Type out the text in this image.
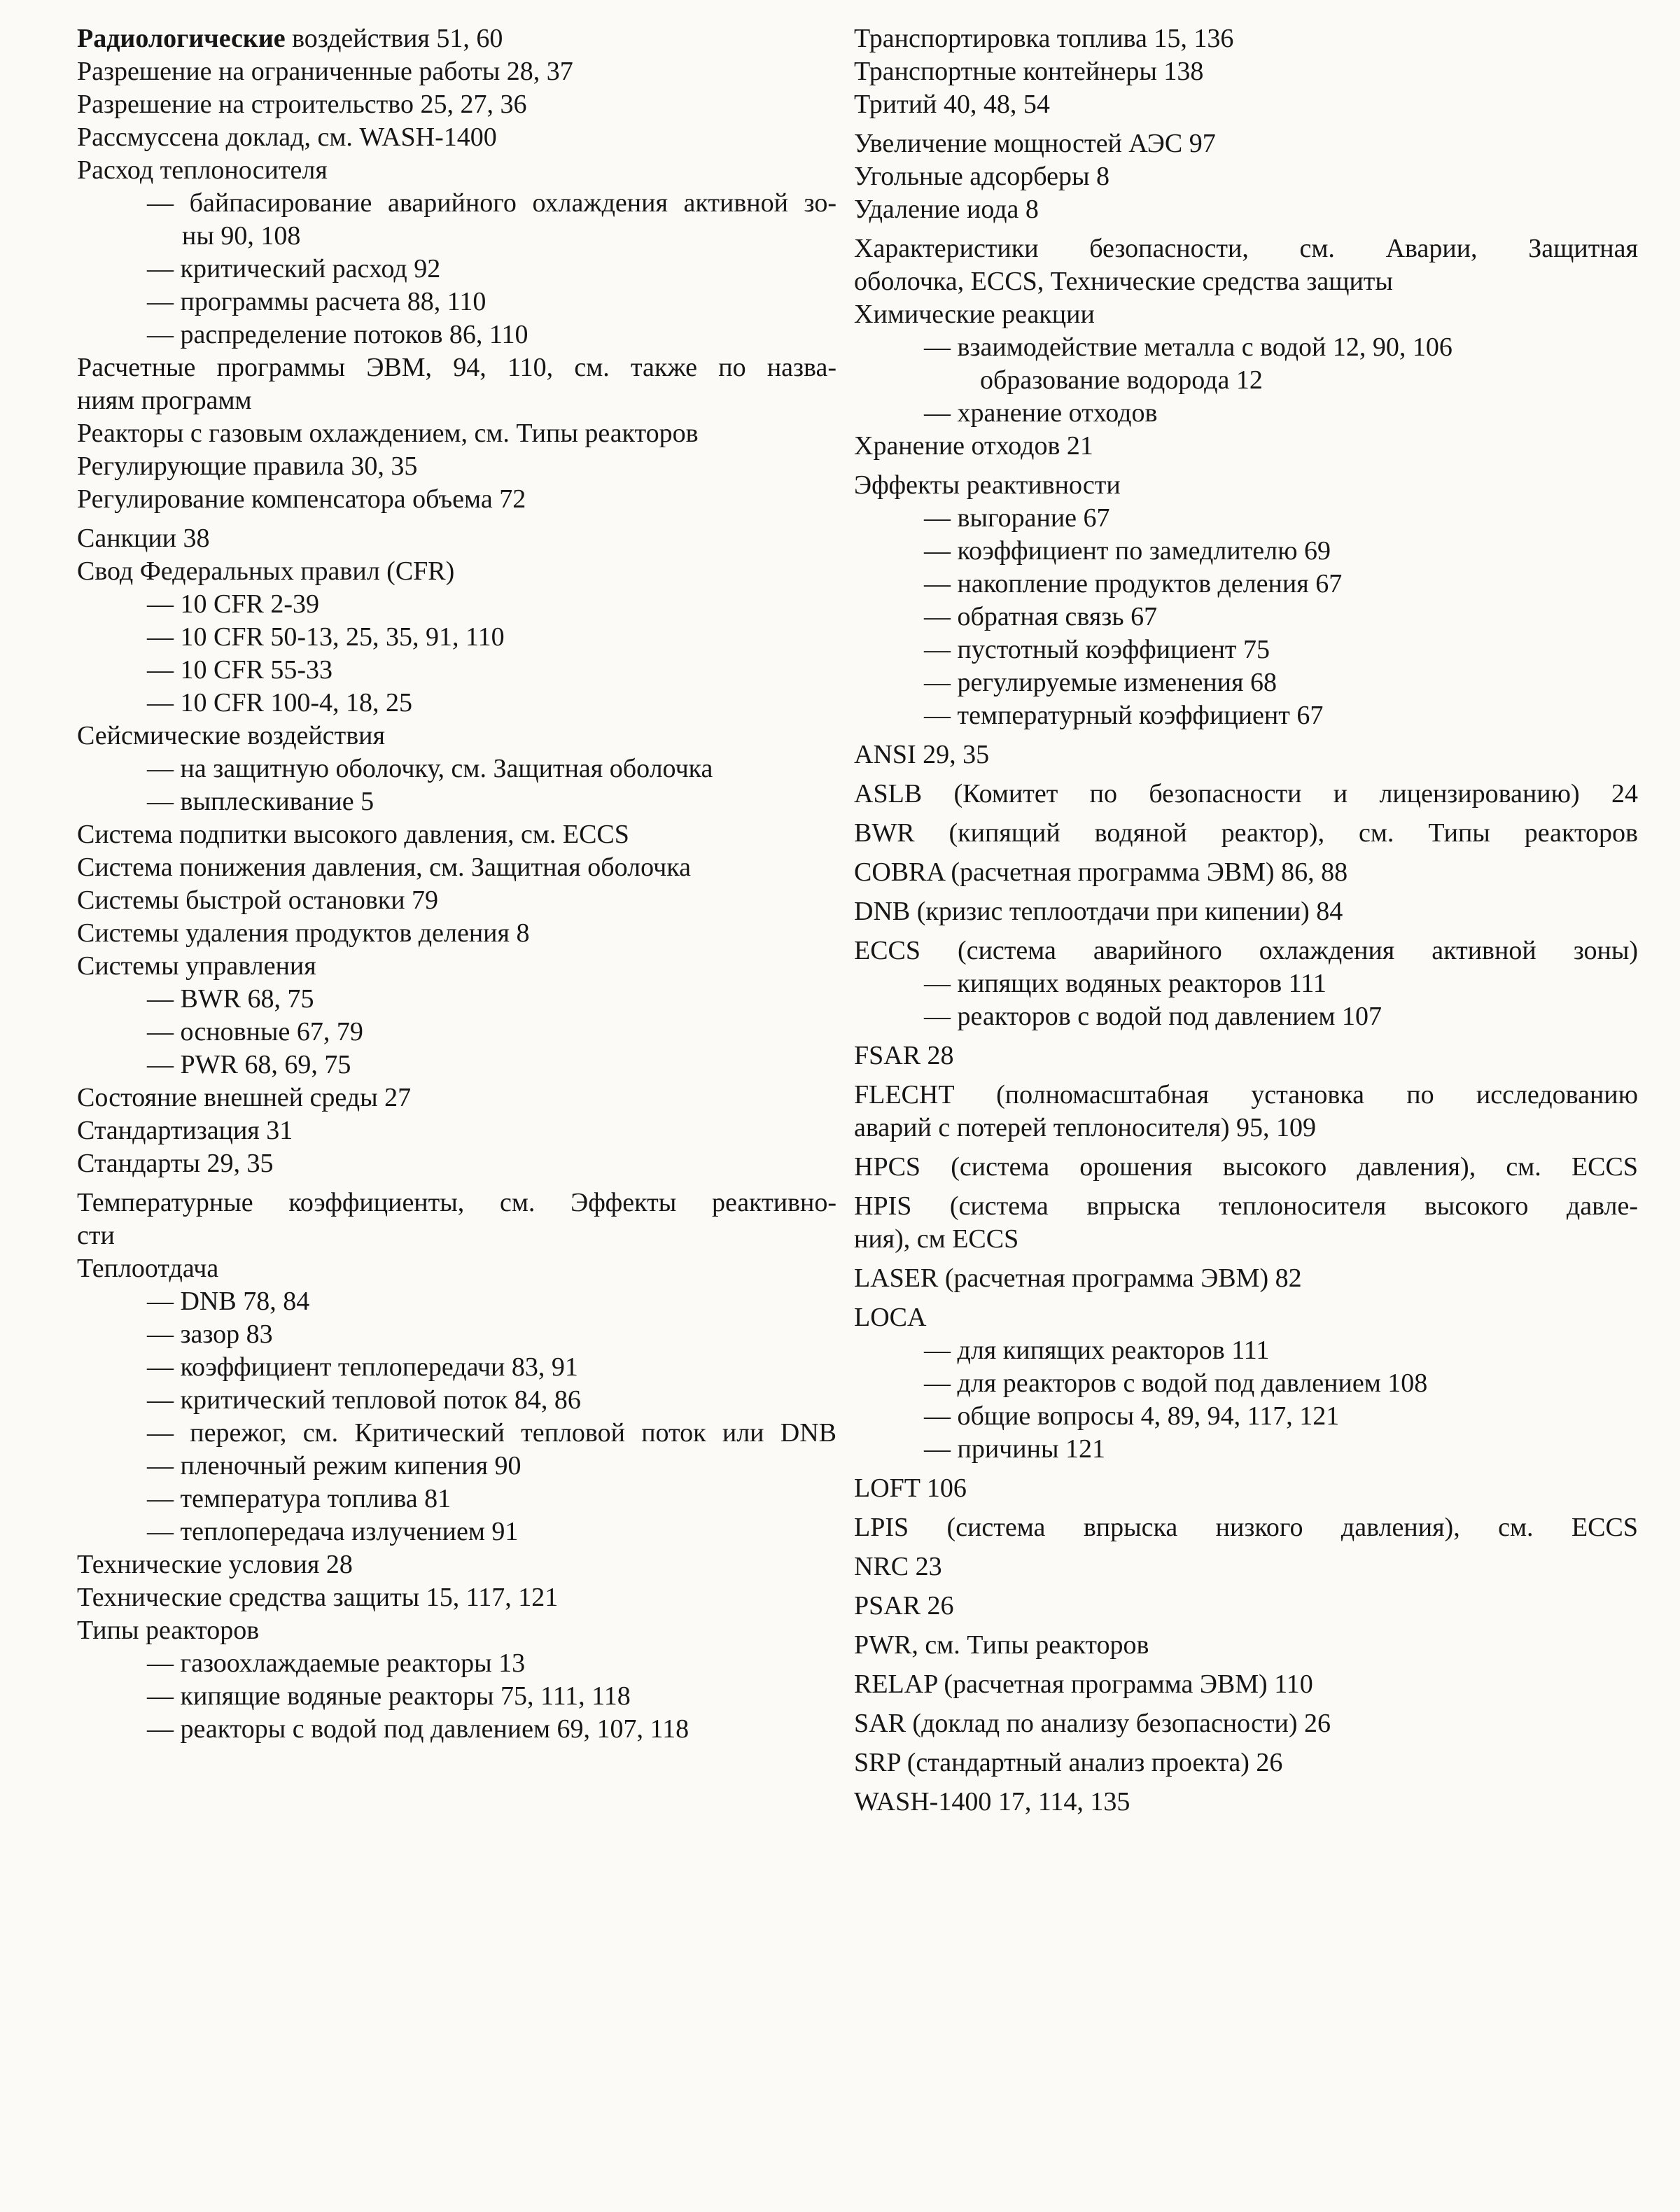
Радиологические воздействия 51, 60
Разрешение на ограниченные работы 28, 37
Разрешение на строительство 25, 27, 36
Рассмуссена доклад, см. WASH-1400
Расход теплоносителя
— байпасирование аварийного охлаждения активной зо-
ны 90, 108
— критический расход 92
— программы расчета 88, 110
— распределение потоков 86, 110
Расчетные программы ЭВМ, 94, 110, см. также по назва-
ниям программ
Реакторы с газовым охлаждением, см. Типы реакторов
Регулирующие правила 30, 35
Регулирование компенсатора объема 72
Санкции 38
Свод Федеральных правил (CFR)
— 10 CFR 2-39
— 10 CFR 50-13, 25, 35, 91, 110
— 10 CFR 55-33
— 10 CFR 100-4, 18, 25
Сейсмические воздействия
— на защитную оболочку, см. Защитная оболочка
— выплескивание 5
Система подпитки высокого давления, см. ECCS
Система понижения давления, см. Защитная оболочка
Системы быстрой остановки 79
Системы удаления продуктов деления 8
Системы управления
— BWR 68, 75
— основные 67, 79
— PWR 68, 69, 75
Состояние внешней среды 27
Стандартизация 31
Стандарты 29, 35
Температурные коэффициенты, см. Эффекты реактивно-
сти
Теплоотдача
— DNB 78, 84
— зазор 83
— коэффициент теплопередачи 83, 91
— критический тепловой поток 84, 86
— пережог, см. Критический тепловой поток или DNB
— пленочный режим кипения 90
— температура топлива 81
— теплопередача излучением 91
Технические условия 28
Технические средства защиты 15, 117, 121
Типы реакторов
— газоохлаждаемые реакторы 13
— кипящие водяные реакторы 75, 111, 118
— реакторы с водой под давлением 69, 107, 118
Транспортировка топлива 15, 136
Транспортные контейнеры 138
Тритий 40, 48, 54
Увеличение мощностей АЭС 97
Угольные адсорберы 8
Удаление иода 8
Характеристики безопасности, см. Аварии, Защитная
оболочка, ECCS, Технические средства защиты
Химические реакции
— взаимодействие металла с водой 12, 90, 106
образование водорода 12
— хранение отходов
Хранение отходов 21
Эффекты реактивности
— выгорание 67
— коэффициент по замедлителю 69
— накопление продуктов деления 67
— обратная связь 67
— пустотный коэффициент 75
— регулируемые изменения 68
— температурный коэффициент 67
ANSI 29, 35
ASLB (Комитет по безопасности и лицензированию) 24
BWR (кипящий водяной реактор), см. Типы реакторов
COBRA (расчетная программа ЭВМ) 86, 88
DNB (кризис теплоотдачи при кипении) 84
ECCS (система аварийного охлаждения активной зоны)
— кипящих водяных реакторов 111
— реакторов с водой под давлением 107
FSAR 28
FLECHT (полномасштабная установка по исследованию
аварий с потерей теплоносителя) 95, 109
HPCS (система орошения высокого давления), см. ECCS
HPIS (система впрыска теплоносителя высокого давле-
ния), см ECCS
LASER (расчетная программа ЭВМ) 82
LOCA
— для кипящих реакторов 111
— для реакторов с водой под давлением 108
— общие вопросы 4, 89, 94, 117, 121
— причины 121
LOFT 106
LPIS (система впрыска низкого давления), см. ECCS
NRC 23
PSAR 26
PWR, см. Типы реакторов
RELAP (расчетная программа ЭВМ) 110
SAR (доклад по анализу безопасности) 26
SRP (стандартный анализ проекта) 26
WASH-1400 17, 114, 135
